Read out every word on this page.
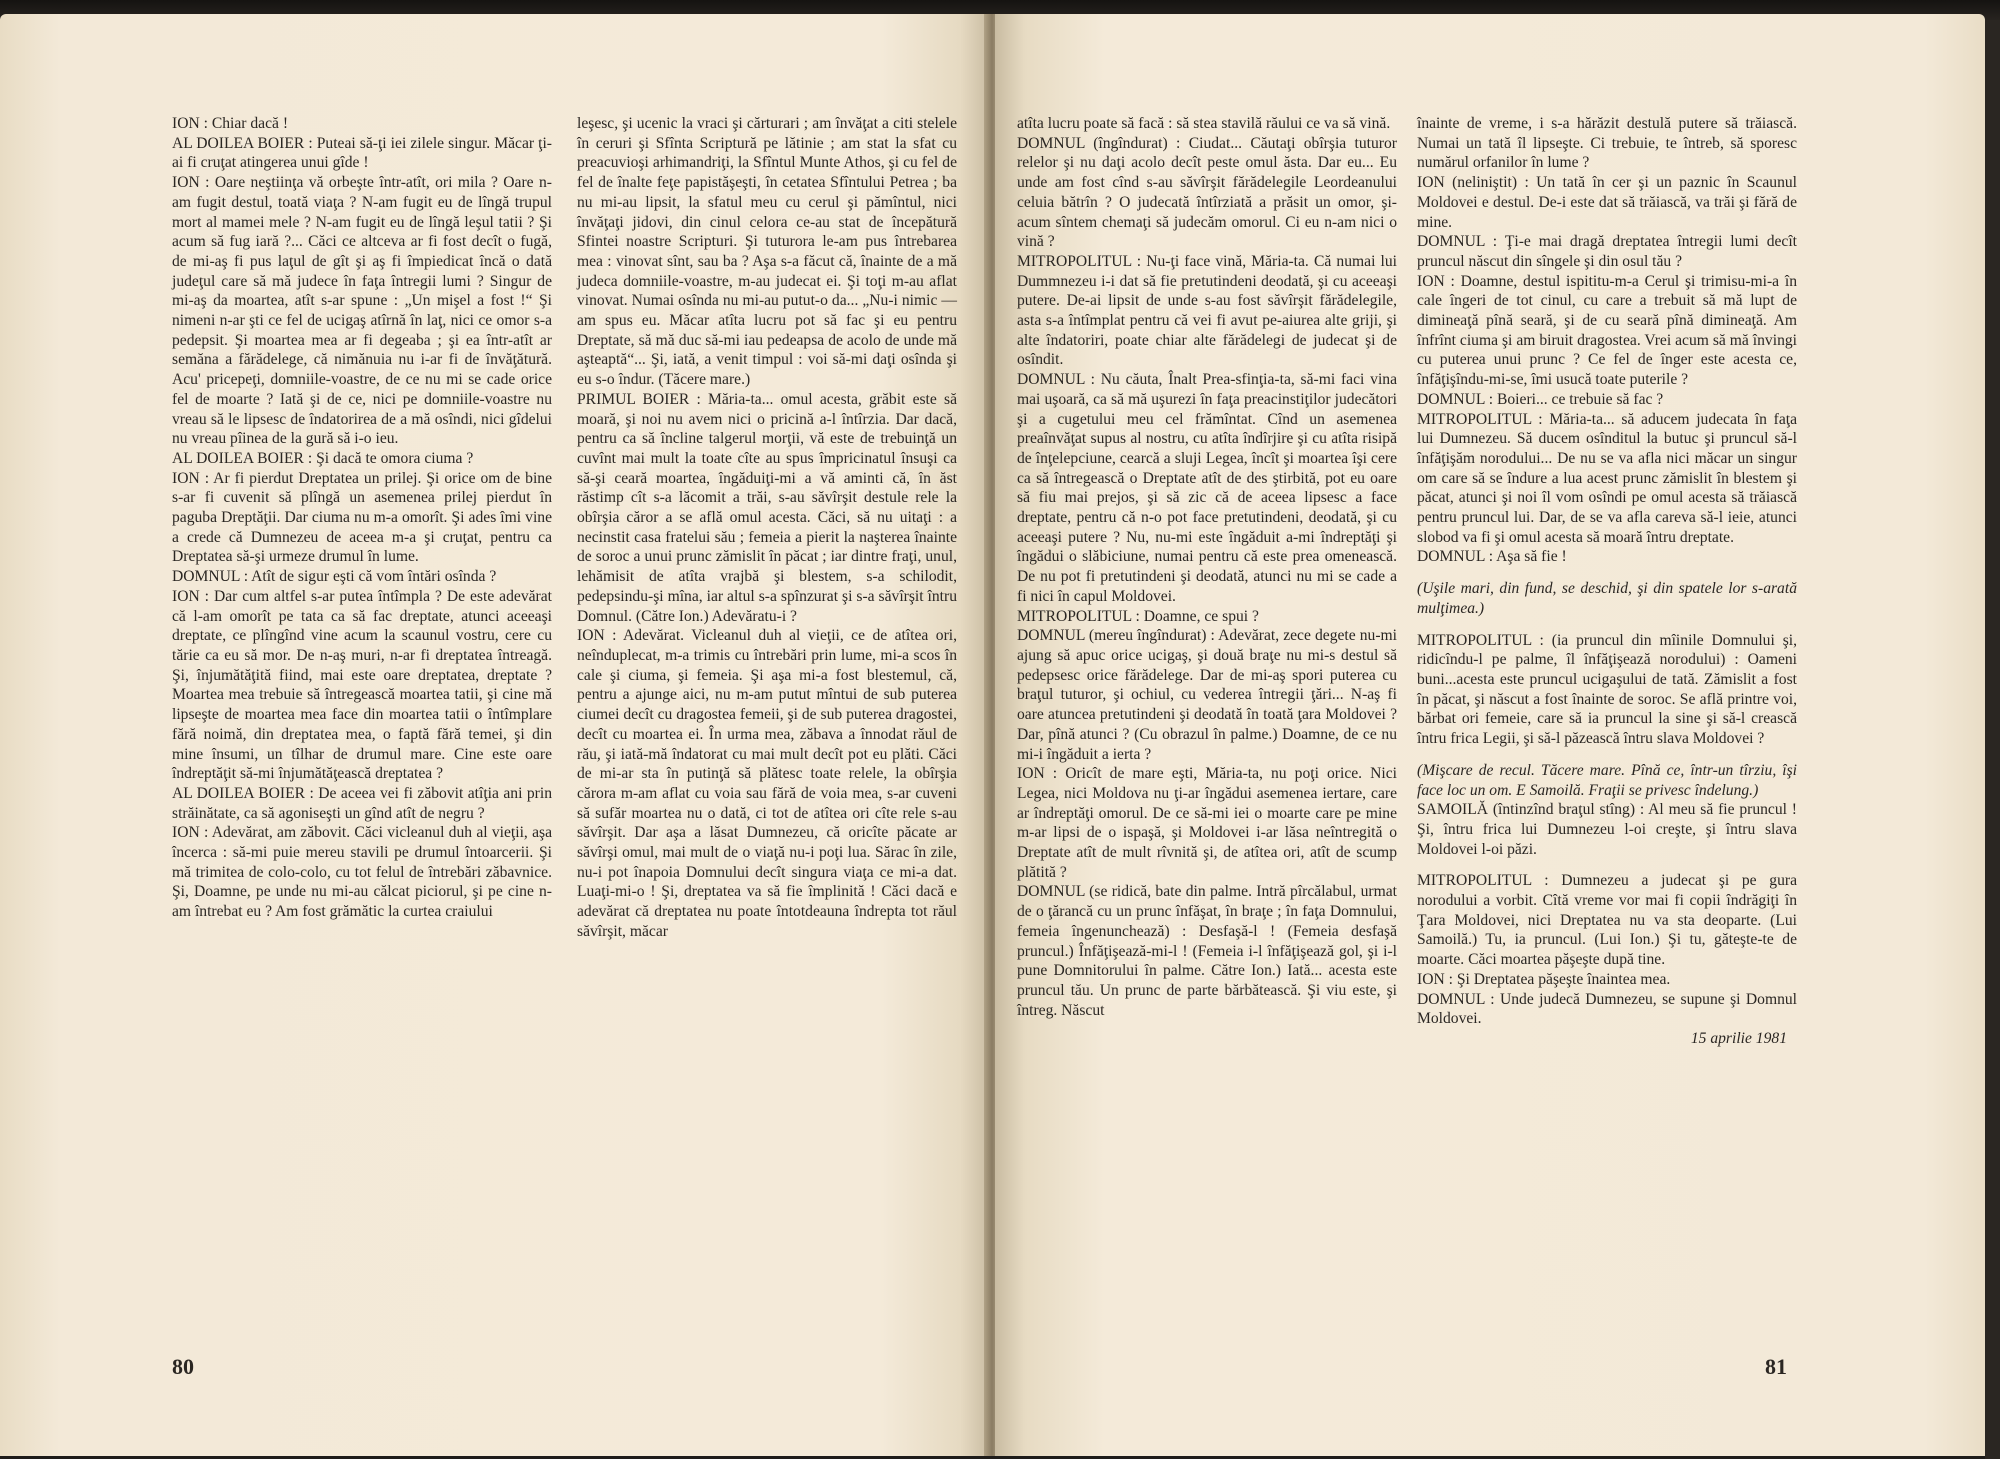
ION : Chiar dacă !

AL DOILEA BOIER : Puteai să-ţi iei zilele singur. Măcar ţi-ai fi cruţat atingerea unui gîde !

ION : Oare neştiinţa vă orbeşte într-atît, ori mila ? Oare n-am fugit destul, toată viaţa ? N-am fugit eu de lîngă trupul mort al mamei mele ? N-am fugit eu de lîngă leşul tatii ? Şi acum să fug iară ?... Căci ce altceva ar fi fost decît o fugă, de mi-aş fi pus laţul de gît şi aş fi împiedicat încă o dată judeţul care să mă judece în faţa întregii lumi ? Singur de mi-aş da moartea, atît s-ar spune : „Un mişel a fost !“ Şi nimeni n-ar şti ce fel de ucigaş atîrnă în laţ, nici ce omor s-a pedepsit. Şi moartea mea ar fi degeaba ; şi ea într-atît ar semăna a fărădelege, că nimănuia nu i-ar fi de învăţătură. Acu' pricepeţi, domniile-voastre, de ce nu mi se cade orice fel de moarte ? Iată şi de ce, nici pe domniile-voastre nu vreau să le lipsesc de îndatorirea de a mă osîndi, nici gîdelui nu vreau pîinea de la gură să i-o ieu.

AL DOILEA BOIER : Şi dacă te omora ciuma ?

ION : Ar fi pierdut Dreptatea un prilej. Şi orice om de bine s-ar fi cuvenit să plîngă un asemenea prilej pierdut în paguba Dreptăţii. Dar ciuma nu m-a omorît. Şi ades îmi vine a crede că Dumnezeu de aceea m-a şi cruţat, pentru ca Dreptatea să-şi urmeze drumul în lume.

DOMNUL : Atît de sigur eşti că vom întări osînda ?

ION : Dar cum altfel s-ar putea întîmpla ? De este adevărat că l-am omorît pe tata ca să fac dreptate, atunci aceeaşi dreptate, ce plîngînd vine acum la scaunul vostru, cere cu tărie ca eu să mor. De n-aş muri, n-ar fi dreptatea întreagă. Şi, înjumătăţită fiind, mai este oare dreptatea, dreptate ? Moartea mea trebuie să întregească moartea tatii, şi cine mă lipseşte de moartea mea face din moartea tatii o întîmplare fără noimă, din dreptatea mea, o faptă fără temei, şi din mine însumi, un tîlhar de drumul mare. Cine este oare îndreptăţit să-mi înjumătăţească dreptatea ?

AL DOILEA BOIER : De aceea vei fi zăbovit atîţia ani prin străinătate, ca să agoniseşti un gînd atît de negru ?

ION : Adevărat, am zăbovit. Căci vicleanul duh al vieţii, aşa încerca : să-mi puie mereu stavili pe drumul întoarcerii. Şi mă trimitea de colo-colo, cu tot felul de întrebări zăbavnice. Şi, Doamne, pe unde nu mi-au călcat piciorul, şi pe cine n-am întrebat eu ? Am fost grămătic la curtea craiului

leşesc, şi ucenic la vraci şi cărturari ; am învăţat a citi stelele în ceruri şi Sfînta Scriptură pe lătinie ; am stat la sfat cu preacuvioşi arhimandriţi, la Sfîntul Munte Athos, şi cu fel de fel de înalte feţe papistăşeşti, în cetatea Sfîntului Petrea ; ba nu mi-au lipsit, la sfatul meu cu cerul şi pămîntul, nici învăţaţi jidovi, din cinul celora ce-au stat de începătură Sfintei noastre Scripturi. Şi tuturora le-am pus întrebarea mea : vinovat sînt, sau ba ? Aşa s-a făcut că, înainte de a mă judeca domniile-voastre, m-au judecat ei. Şi toţi m-au aflat vinovat. Numai osînda nu mi-au putut-o da... „Nu-i nimic — am spus eu. Măcar atîta lucru pot să fac şi eu pentru Dreptate, să mă duc să-mi iau pedeapsa de acolo de unde mă aşteaptă“... Şi, iată, a venit timpul : voi să-mi daţi osînda şi eu s-o îndur. (Tăcere mare.)

PRIMUL BOIER : Măria-ta... omul acesta, grăbit este să moară, şi noi nu avem nici o pricină a-l întîrzia. Dar dacă, pentru ca să încline talgerul morţii, vă este de trebuinţă un cuvînt mai mult la toate cîte au spus împricinatul însuşi ca să-şi ceară moartea, îngăduiţi-mi a vă aminti că, în ăst răstimp cît s-a lăcomit a trăi, s-au săvîrşit destule rele la obîrşia căror a se află omul acesta. Căci, să nu uitaţi : a necinstit casa fratelui său ; femeia a pierit la naşterea înainte de soroc a unui prunc zămislit în păcat ; iar dintre fraţi, unul, lehămisit de atîta vrajbă şi blestem, s-a schilodit, pedepsindu-şi mîna, iar altul s-a spînzurat şi s-a săvîrşit întru Domnul. (Către Ion.) Adevăratu-i ?

ION : Adevărat. Vicleanul duh al vieţii, ce de atîtea ori, neînduplecat, m-a trimis cu întrebări prin lume, mi-a scos în cale şi ciuma, şi femeia. Şi aşa mi-a fost blestemul, că, pentru a ajunge aici, nu m-am putut mîntui de sub puterea ciumei decît cu dragostea femeii, şi de sub puterea dragostei, decît cu moartea ei. În urma mea, zăbava a înnodat răul de rău, şi iată-mă îndatorat cu mai mult decît pot eu plăti. Căci de mi-ar sta în putinţă să plătesc toate relele, la obîrşia cărora m-am aflat cu voia sau fără de voia mea, s-ar cuveni să sufăr moartea nu o dată, ci tot de atîtea ori cîte rele s-au săvîrşit. Dar aşa a lăsat Dumnezeu, că oricîte păcate ar săvîrşi omul, mai mult de o viaţă nu-i poţi lua. Sărac în zile, nu-i pot înapoia Domnului decît singura viaţa ce mi-a dat. Luaţi-mi-o ! Şi, dreptatea va să fie împlinită ! Căci dacă e adevărat că dreptatea nu poate întotdeauna îndrepta tot răul săvîrşit, măcar

80

atîta lucru poate să facă : să stea stavilă răului ce va să vină.

DOMNUL (îngîndurat) : Ciudat... Căutaţi obîrşia tuturor relelor şi nu daţi acolo decît peste omul ăsta. Dar eu... Eu unde am fost cînd s-au săvîrşit fărădelegile Leordeanului celuia bătrîn ? O judecată întîrziată a prăsit un omor, şi-acum sîntem chemaţi să judecăm omorul. Ci eu n-am nici o vină ?

MITROPOLITUL : Nu-ţi face vină, Măria-ta. Că numai lui Dummnezeu i-i dat să fie pretutindeni deodată, şi cu aceeaşi putere. De-ai lipsit de unde s-au fost săvîrşit fărădelegile, asta s-a întîmplat pentru că vei fi avut pe-aiurea alte griji, şi alte îndatoriri, poate chiar alte fărădelegi de judecat şi de osîndit.

DOMNUL : Nu căuta, Înalt Prea-sfinţia-ta, să-mi faci vina mai uşoară, ca să mă uşurezi în faţa preacinstiţilor judecători şi a cugetului meu cel frămîntat. Cînd un asemenea preaînvăţat supus al nostru, cu atîta îndîrjire şi cu atîta risipă de înţelepciune, cearcă a sluji Legea, încît şi moartea îşi cere ca să întregească o Dreptate atît de des ştirbită, pot eu oare să fiu mai prejos, şi să zic că de aceea lipsesc a face dreptate, pentru că n-o pot face pretutindeni, deodată, şi cu aceeaşi putere ? Nu, nu-mi este îngăduit a-mi îndreptăţi şi îngădui o slăbiciune, numai pentru că este prea omenească. De nu pot fi pretutindeni şi deodată, atunci nu mi se cade a fi nici în capul Moldovei.

MITROPOLITUL : Doamne, ce spui ?

DOMNUL (mereu îngîndurat) : Adevărat, zece degete nu-mi ajung să apuc orice ucigaş, şi două braţe nu mi-s destul să pedepsesc orice fărădelege. Dar de mi-aş spori puterea cu braţul tuturor, şi ochiul, cu vederea întregii ţări... N-aş fi oare atuncea pretutindeni şi deodată în toată ţara Moldovei ? Dar, pînă atunci ? (Cu obrazul în palme.) Doamne, de ce nu mi-i îngăduit a ierta ?

ION : Oricît de mare eşti, Măria-ta, nu poţi orice. Nici Legea, nici Moldova nu ţi-ar îngădui asemenea iertare, care ar îndreptăţi omorul. De ce să-mi iei o moarte care pe mine m-ar lipsi de o ispaşă, şi Moldovei i-ar lăsa neîntregită o Dreptate atît de mult rîvnită şi, de atîtea ori, atît de scump plătită ?

DOMNUL (se ridică, bate din palme. Intră pîrcălabul, urmat de o ţărancă cu un prunc înfăşat, în braţe ; în faţa Domnului, femeia îngenunchează) : Desfaşă-l ! (Femeia desfaşă pruncul.) Înfăţişează-mi-l ! (Femeia i-l înfăţişează gol, şi i-l pune Domnitorului în palme. Către Ion.) Iată... acesta este pruncul tău. Un prunc de parte bărbătească. Şi viu este, şi întreg. Născut

înainte de vreme, i s-a hărăzit destulă putere să trăiască. Numai un tată îl lipseşte. Ci trebuie, te întreb, să sporesc numărul orfanilor în lume ?

ION (neliniştit) : Un tată în cer şi un paznic în Scaunul Moldovei e destul. De-i este dat să trăiască, va trăi şi fără de mine.

DOMNUL : Ţi-e mai dragă dreptatea întregii lumi decît pruncul născut din sîngele şi din osul tău ?

ION : Doamne, destul ispititu-m-a Cerul şi trimisu-mi-a în cale îngeri de tot cinul, cu care a trebuit să mă lupt de dimineaţă pînă seară, şi de cu seară pînă dimineaţă. Am înfrînt ciuma şi am biruit dragostea. Vrei acum să mă învingi cu puterea unui prunc ? Ce fel de înger este acesta ce, înfăţişîndu-mi-se, îmi usucă toate puterile ?

DOMNUL : Boieri... ce trebuie să fac ?

MITROPOLITUL : Măria-ta... să aducem judecata în faţa lui Dumnezeu. Să ducem osînditul la butuc şi pruncul să-l înfăţişăm norodului... De nu se va afla nici măcar un singur om care să se îndure a lua acest prunc zămislit în blestem şi păcat, atunci şi noi îl vom osîndi pe omul acesta să trăiască pentru pruncul lui. Dar, de se va afla careva să-l ieie, atunci slobod va fi şi omul acesta să moară întru dreptate.

DOMNUL : Aşa să fie !

(Uşile mari, din fund, se deschid, şi din spatele lor s-arată mulţimea.)

MITROPOLITUL : (ia pruncul din mîinile Domnului şi, ridicîndu-l pe palme, îl înfăţişează norodului) : Oameni buni...acesta este pruncul ucigaşului de tată. Zămislit a fost în păcat, şi născut a fost înainte de soroc. Se află printre voi, bărbat ori femeie, care să ia pruncul la sine şi să-l crească întru frica Legii, şi să-l păzească întru slava Moldovei ?

(Mişcare de recul. Tăcere mare. Pînă ce, într-un tîrziu, îşi face loc un om. E Samoilă. Fraţii se privesc îndelung.)

SAMOILĂ (întinzînd braţul stîng) : Al meu să fie pruncul ! Şi, întru frica lui Dumnezeu l-oi creşte, şi întru slava Moldovei l-oi păzi.

MITROPOLITUL : Dumnezeu a judecat şi pe gura norodului a vorbit. Cîtă vreme vor mai fi copii îndrăgiţi în Ţara Moldovei, nici Dreptatea nu va sta deoparte. (Lui Samoilă.) Tu, ia pruncul. (Lui Ion.) Şi tu, găteşte-te de moarte. Căci moartea păşeşte după tine.

ION : Şi Dreptatea păşeşte înaintea mea.

DOMNUL : Unde judecă Dumnezeu, se supune şi Domnul Moldovei.

15 aprilie 1981

81
